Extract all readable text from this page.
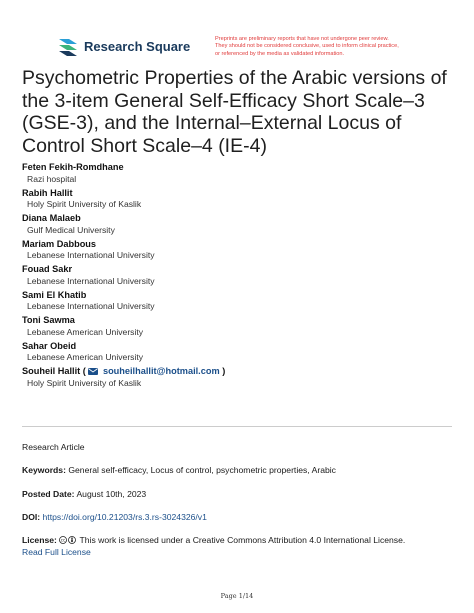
Research Square	Preprints are preliminary reports that have not undergone peer review.
They should not be considered conclusive, used to inform clinical practice,
or referenced by the media as validated information.
Psychometric Properties of the Arabic versions of the 3-item General Self-Efficacy Short Scale–3 (GSE-3), and the Internal–External Locus of Control Short Scale–4 (IE-4)
Feten Fekih-Romdhane
Razi hospital
Rabih Hallit
Holy Spirit University of Kaslik
Diana Malaeb
Gulf Medical University
Mariam Dabbous
Lebanese International University
Fouad Sakr
Lebanese International University
Sami El Khatib
Lebanese International University
Toni Sawma
Lebanese American University
Sahar Obeid
Lebanese American University
Souheil Hallit ( souheilhallit@hotmail.com )
Holy Spirit University of Kaslik
Research Article
Keywords: General self-efficacy, Locus of control, psychometric properties, Arabic
Posted Date: August 10th, 2023
DOI: https://doi.org/10.21203/rs.3.rs-3024326/v1
License: cc This work is licensed under a Creative Commons Attribution 4.0 International License.
Read Full License
Page 1/14
